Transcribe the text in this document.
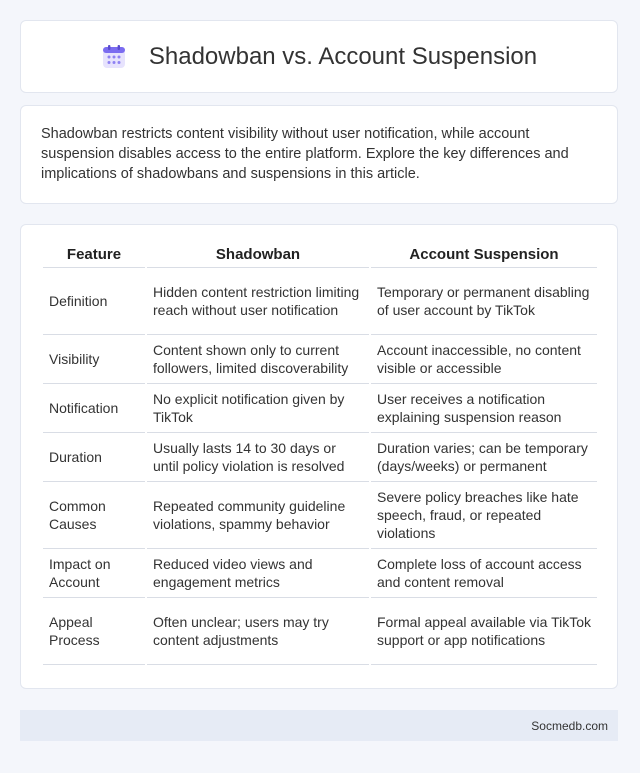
Shadowban vs. Account Suspension

Shadowban restricts content visibility without user notification, while account suspension disables access to the entire platform. Explore the key differences and implications of shadowbans and suspensions in this article.

Feature	Shadowban	Account Suspension
Definition	Hidden content restriction limiting reach without user notification	Temporary or permanent disabling of user account by TikTok
Visibility	Content shown only to current followers, limited discoverability	Account inaccessible, no content visible or accessible
Notification	No explicit notification given by TikTok	User receives a notification explaining suspension reason
Duration	Usually lasts 14 to 30 days or until policy violation is resolved	Duration varies; can be temporary (days/weeks) or permanent
Common Causes	Repeated community guideline violations, spammy behavior	Severe policy breaches like hate speech, fraud, or repeated violations
Impact on Account	Reduced video views and engagement metrics	Complete loss of account access and content removal
Appeal Process	Often unclear; users may try content adjustments	Formal appeal available via TikTok support or app notifications
Socmedb.com
